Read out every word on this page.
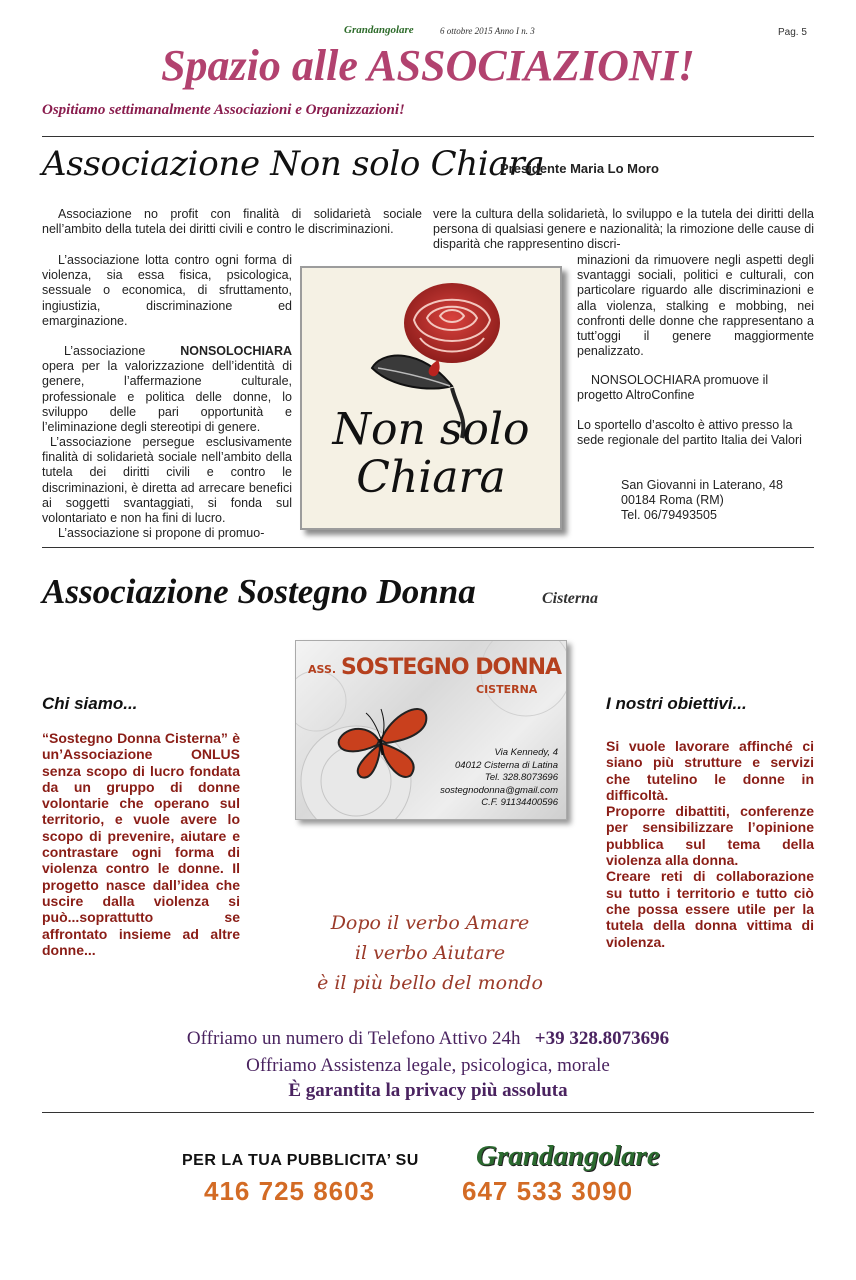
Grandangolare	6 ottobre 2015 Anno I n. 3	Pag. 5
Spazio alle ASSOCIAZIONI!
Ospitiamo settimanalmente Associazioni e Organizzazioni!
Associazione Non solo Chiara
Presidente Maria Lo Moro
Associazione no profit con finalità di solidarietà sociale nell’ambito della tutela dei diritti civili e contro le discriminazioni.
L’associazione lotta contro ogni forma di violenza, sia essa fisica, psicologica, sessuale o economica, di sfruttamento, ingiustizia, discriminazione ed emarginazione.
L’associazione NONSOLOCHIARA opera per la valorizzazione dell’identità di genere, l’affermazione culturale, professionale e politica delle donne, lo sviluppo delle pari opportunità e l’eliminazione degli stereotipi di genere.
L’associazione persegue esclusivamente finalità di solidarietà sociale nell’ambito della tutela dei diritti civili e contro le discriminazioni, è diretta ad arrecare benefici ai soggetti svantaggiati, si fonda sul volontariato e non ha fini di lucro.
L’associazione si propone di promuo-
vere la cultura della solidarietà, lo sviluppo e la tutela dei diritti della persona di qualsiasi genere e nazionalità; la rimozione delle cause di disparità che rappresentino discri-
minazioni da rimuovere negli aspetti degli svantaggi sociali, politici e culturali, con particolare riguardo alle discriminazioni e alla violenza, stalking e mobbing, nei confronti delle donne che rappresentano a tutt’oggi il genere maggiormente penalizzato.
NONSOLOCHIARA promuove il progetto AltroConfine
Lo sportello d’ascolto è attivo presso la sede regionale del partito Italia dei Valori
San Giovanni in Laterano, 48
00184 Roma (RM)
Tel. 06/79493505
Non solo
Chiara
Associazione Sostegno Donna	Cisterna
ASS. SOSTEGNO DONNA
CISTERNA
Via Kennedy, 4
04012 Cisterna di Latina
Tel. 328.8073696
sostegnodonna@gmail.com
C.F. 91134400596
Chi siamo...
“Sostegno Donna Cisterna” è un’Associazione ONLUS senza scopo di lucro fondata da un gruppo di donne volontarie che operano sul territorio, e vuole avere lo scopo di prevenire, aiutare e contrastare ogni forma di violenza contro le donne. Il progetto nasce dall’idea che uscire dalla violenza si può...soprattutto se affrontato insieme ad altre donne...
I nostri obiettivi...
Si vuole lavorare affinché ci siano più strutture e servizi che tutelino le donne in difficoltà.
Proporre dibattiti, conferenze per sensibilizzare l’opinione pubblica sul tema della violenza alla donna.
Creare reti di collaborazione su tutto i territorio e tutto ciò che possa essere utile per la tutela della donna vittima di violenza.
Dopo il verbo Amare
il verbo Aiutare
è il più bello del mondo
Offriamo un numero di Telefono Attivo 24h +39 328.8073696
Offriamo Assistenza legale, psicologica, morale
È garantita la privacy più assoluta
PER LA TUA PUBBLICITA’ SU Grandangolare
416 725 8603	647 533 3090
